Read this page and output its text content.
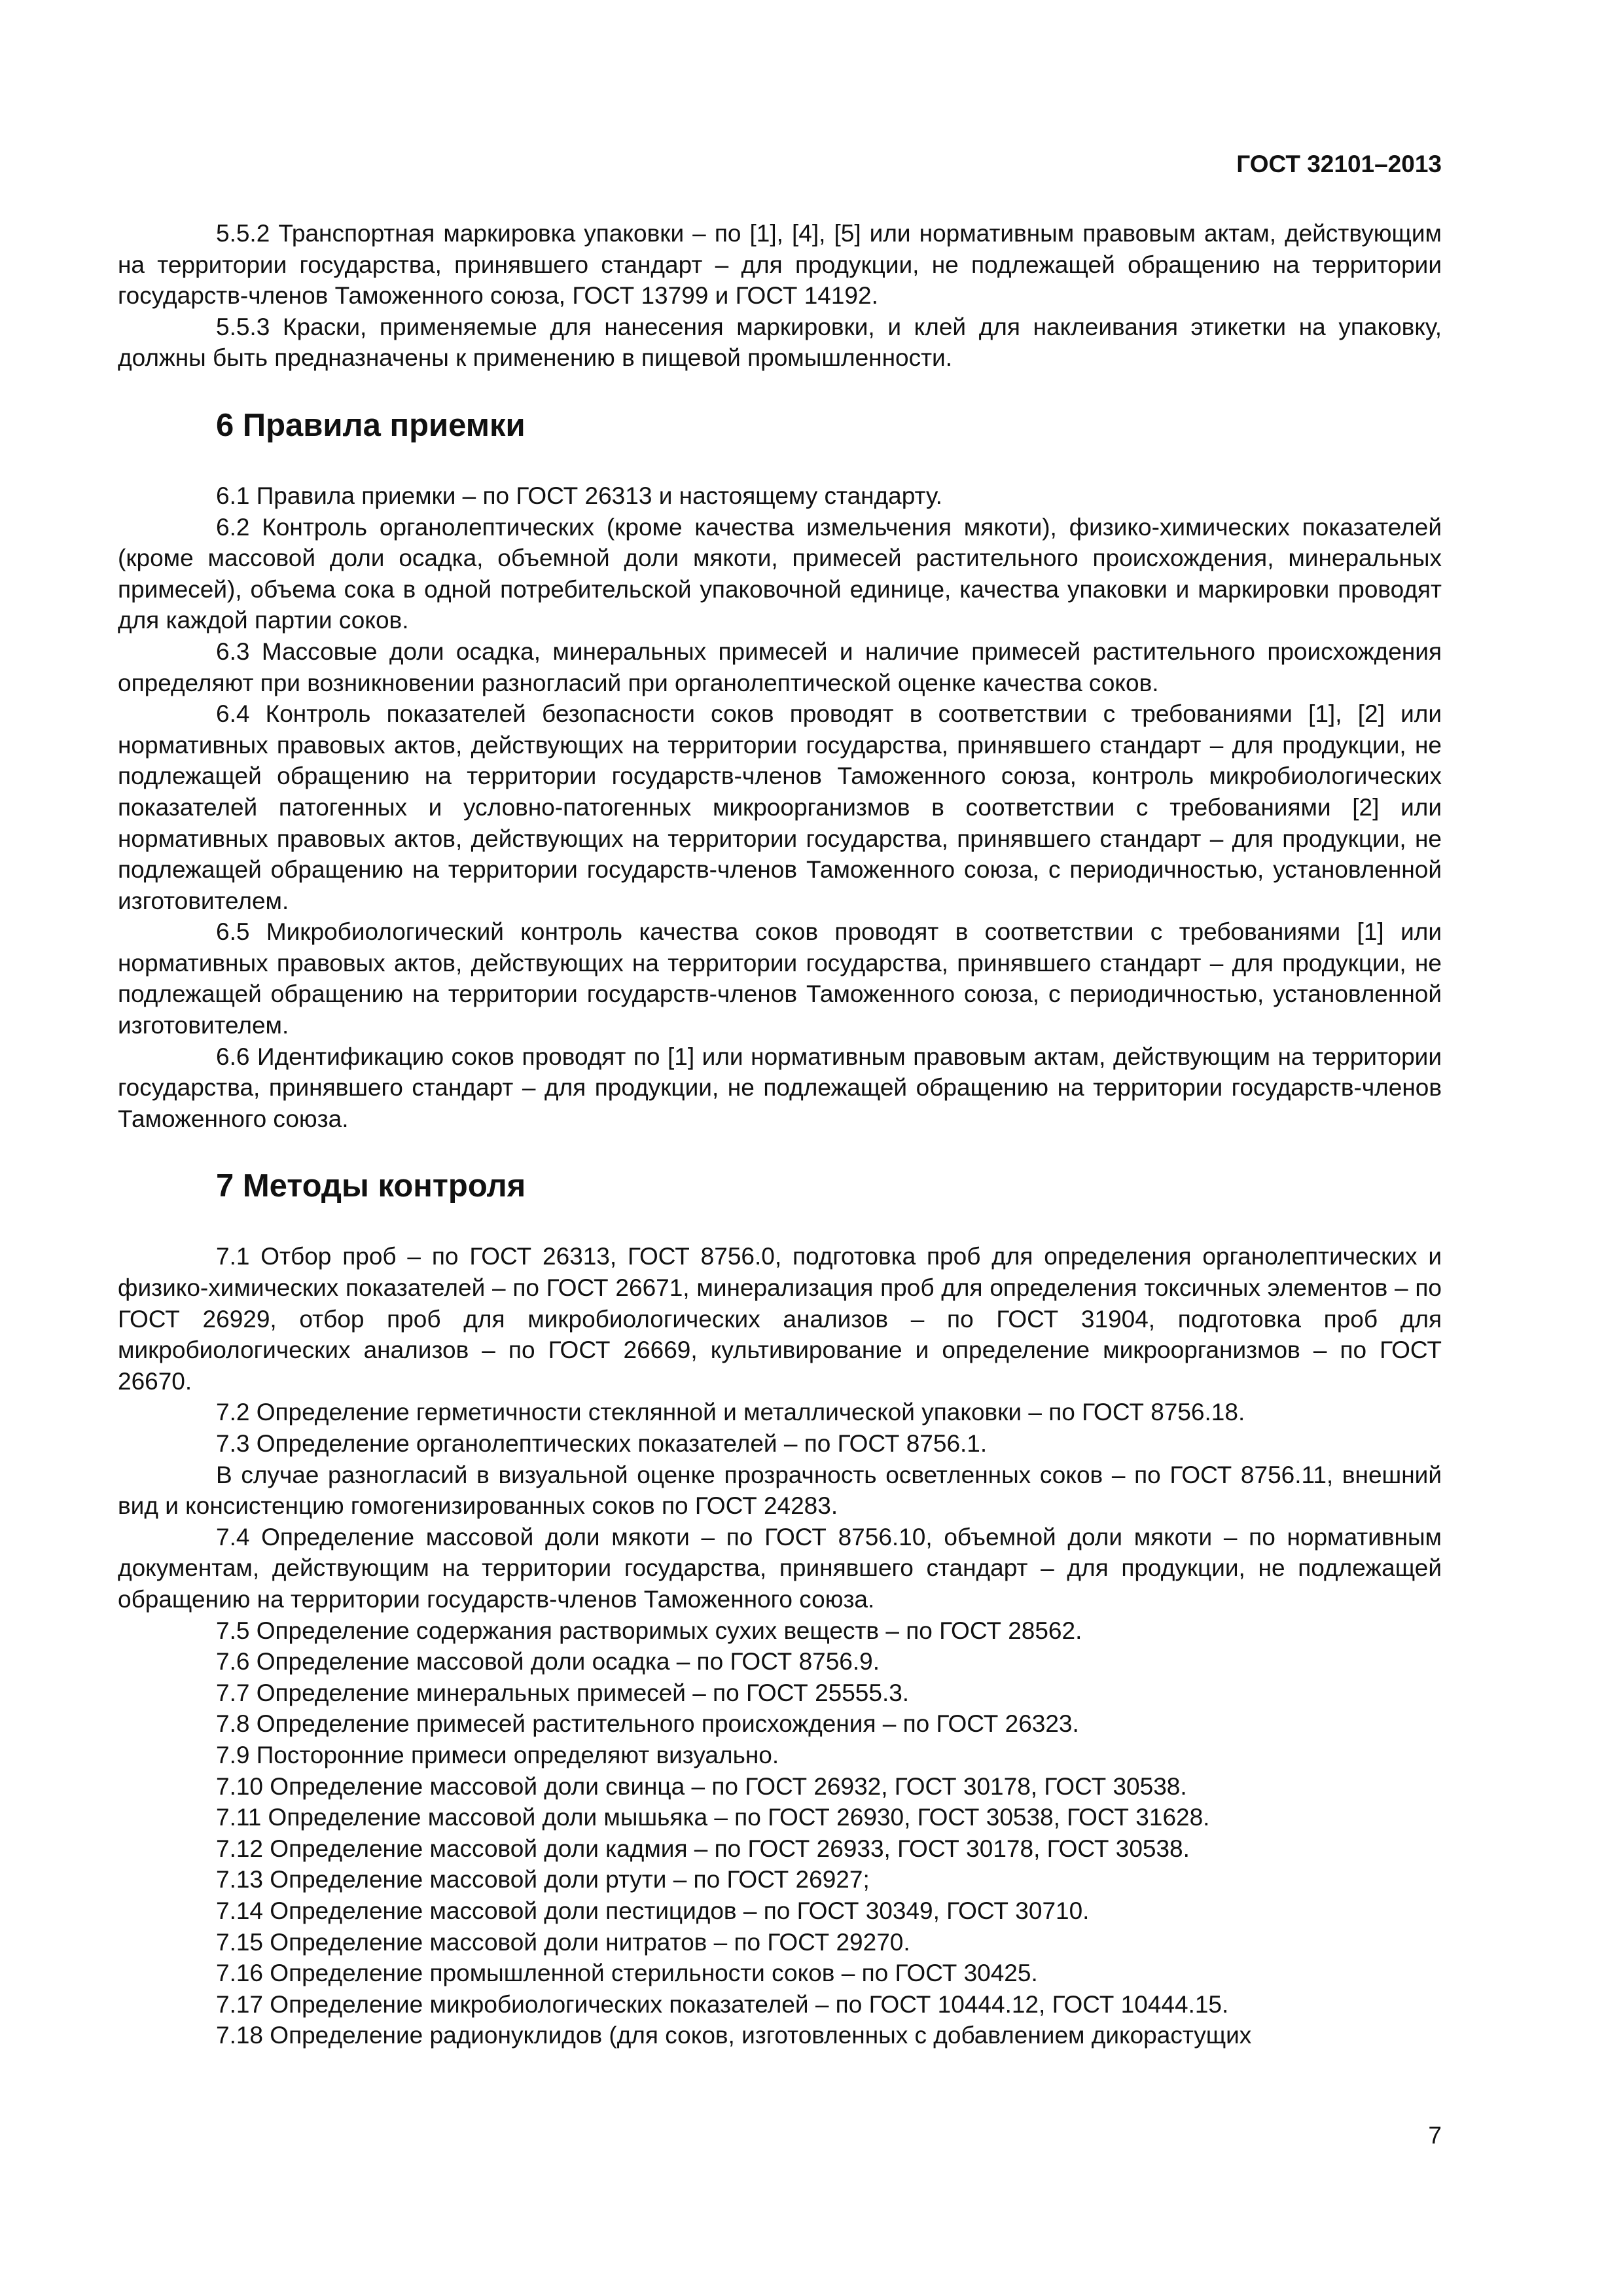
ГОСТ 32101–2013

5.5.2 Транспортная маркировка упаковки – по [1], [4], [5] или нормативным правовым актам, действующим на территории государства, принявшего стандарт – для продукции, не подлежащей обращению на территории государств-членов Таможенного союза, ГОСТ 13799 и ГОСТ 14192.

5.5.3 Краски, применяемые для нанесения маркировки, и клей для наклеивания этикетки на упаковку, должны быть предназначены к применению в пищевой промышленности.

6 Правила приемки

6.1 Правила приемки – по ГОСТ 26313 и настоящему стандарту.

6.2 Контроль органолептических (кроме качества измельчения мякоти), физико-химических показателей (кроме массовой доли осадка, объемной доли мякоти, примесей растительного происхождения, минеральных примесей), объема сока в одной потребительской упаковочной единице, качества упаковки и маркировки проводят для каждой партии соков.

6.3 Массовые доли осадка, минеральных примесей и наличие примесей растительного происхождения определяют при возникновении разногласий при органолептической оценке качества соков.

6.4 Контроль показателей безопасности соков проводят в соответствии с требованиями [1], [2] или нормативных правовых актов, действующих на территории государства, принявшего стандарт – для продукции, не подлежащей обращению на территории государств-членов Таможенного союза, контроль микробиологических показателей патогенных и условно-патогенных микроорганизмов в соответствии с требованиями [2] или нормативных правовых актов, действующих на территории государства, принявшего стандарт – для продукции, не подлежащей обращению на территории государств-членов Таможенного союза, с периодичностью, установленной изготовителем.

6.5 Микробиологический контроль качества соков проводят в соответствии с требованиями [1] или нормативных правовых актов, действующих на территории государства, принявшего стандарт – для продукции, не подлежащей обращению на территории государств-членов Таможенного союза, с периодичностью, установленной изготовителем.

6.6 Идентификацию соков проводят по [1] или нормативным правовым актам, действующим на территории государства, принявшего стандарт – для продукции, не подлежащей обращению на территории государств-членов Таможенного союза.

7 Методы контроля

7.1 Отбор проб – по ГОСТ 26313, ГОСТ 8756.0, подготовка проб для определения органолептических и физико-химических показателей – по ГОСТ 26671, минерализация проб для определения токсичных элементов – по ГОСТ 26929, отбор проб для микробиологических анализов – по ГОСТ 31904, подготовка проб для микробиологических анализов – по ГОСТ 26669, культивирование и определение микроорганизмов – по ГОСТ 26670.

7.2 Определение герметичности стеклянной и металлической упаковки – по ГОСТ 8756.18.

7.3 Определение органолептических показателей – по ГОСТ 8756.1.

В случае разногласий в визуальной оценке прозрачность осветленных соков – по ГОСТ 8756.11, внешний вид и консистенцию гомогенизированных соков по ГОСТ 24283.

7.4 Определение массовой доли мякоти – по ГОСТ 8756.10, объемной доли мякоти – по нормативным документам, действующим на территории государства, принявшего стандарт – для продукции, не подлежащей обращению на территории государств-членов Таможенного союза.

7.5 Определение содержания растворимых сухих веществ – по ГОСТ 28562.

7.6 Определение массовой доли осадка – по ГОСТ 8756.9.

7.7 Определение минеральных примесей – по ГОСТ 25555.3.

7.8 Определение примесей растительного происхождения – по ГОСТ 26323.

7.9 Посторонние примеси определяют визуально.

7.10 Определение массовой доли свинца – по ГОСТ 26932, ГОСТ 30178, ГОСТ 30538.

7.11 Определение массовой доли мышьяка – по ГОСТ 26930, ГОСТ 30538, ГОСТ 31628.

7.12 Определение массовой доли кадмия – по ГОСТ 26933, ГОСТ 30178, ГОСТ 30538.

7.13 Определение массовой доли ртути – по ГОСТ 26927;

7.14 Определение массовой доли пестицидов – по ГОСТ 30349, ГОСТ 30710.

7.15 Определение массовой доли нитратов – по ГОСТ 29270.

7.16 Определение промышленной стерильности соков – по ГОСТ 30425.

7.17 Определение микробиологических показателей – по ГОСТ 10444.12, ГОСТ 10444.15.

7.18 Определение радионуклидов (для соков, изготовленных с добавлением дикорастущих

7
